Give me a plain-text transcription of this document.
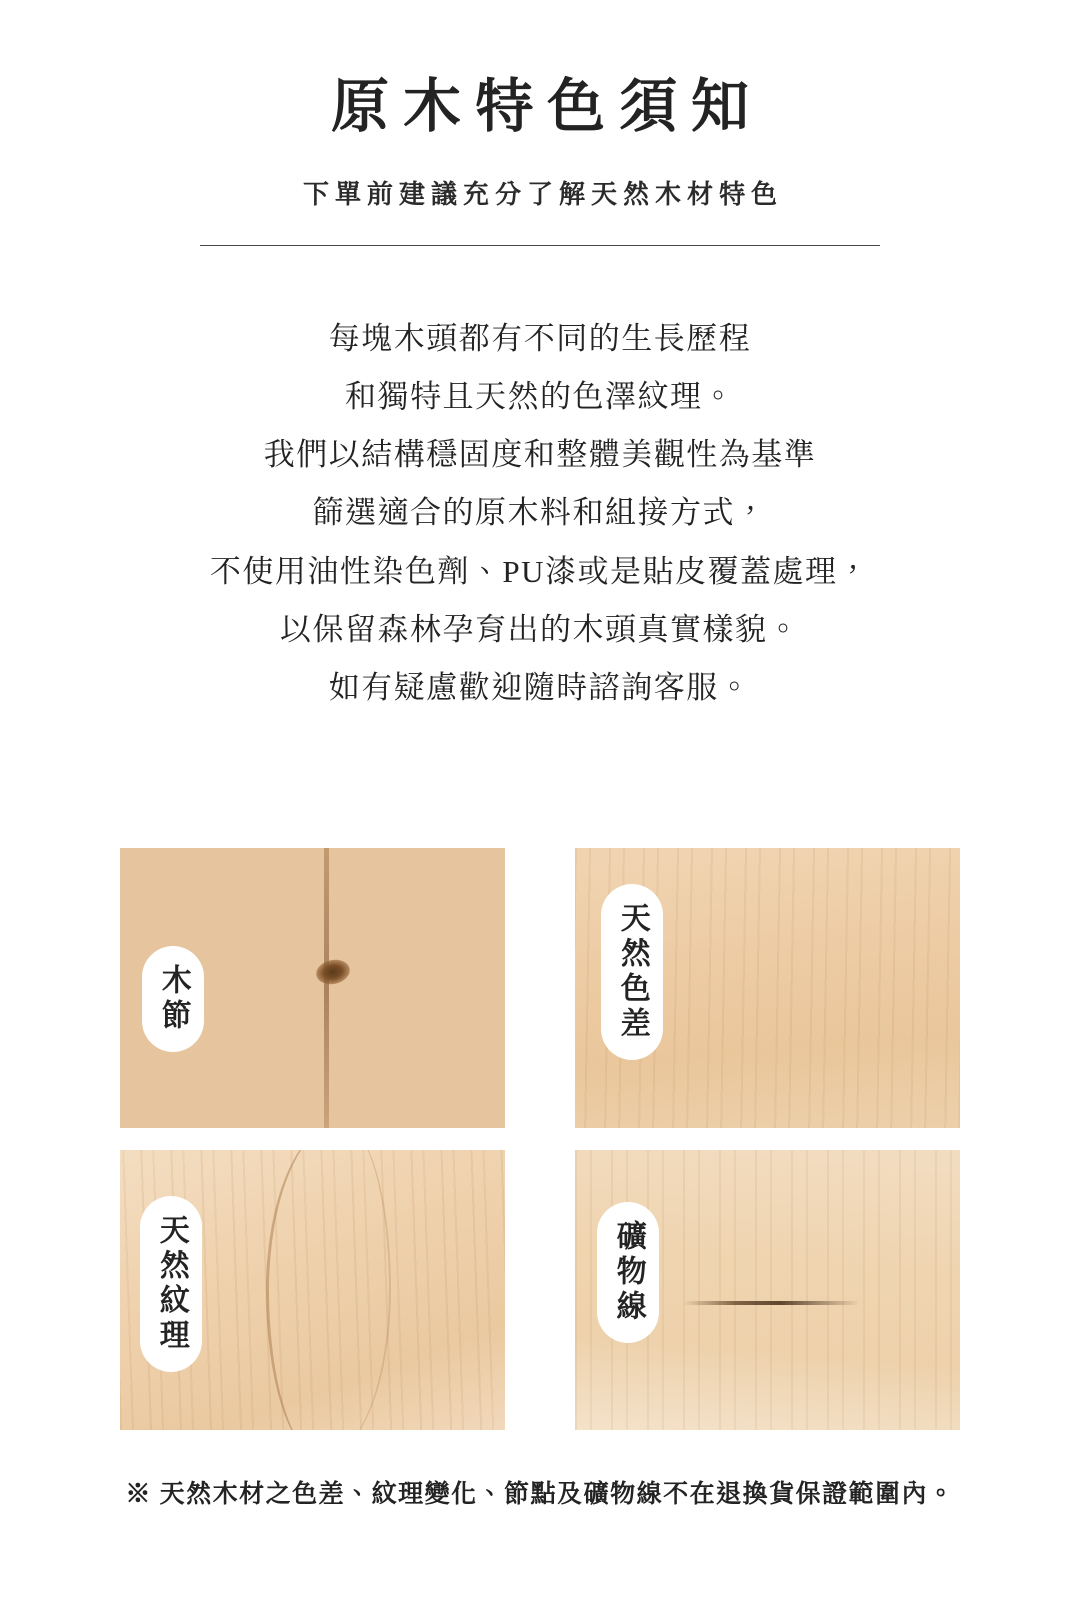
原木特色須知
下單前建議充分了解天然木材特色

每塊木頭都有不同的生長歷程

和獨特且天然的色澤紋理。

我們以結構穩固度和整體美觀性為基準

篩選適合的原木料和組接方式，

不使用油性染色劑、PU漆或是貼皮覆蓋處理，

以保留森林孕育出的木頭真實樣貌。

如有疑慮歡迎隨時諮詢客服。

木節	天然色差
天然紋理	礦物線
※ 天然木材之色差、紋理變化、節點及礦物線不在退換貨保證範圍內。
